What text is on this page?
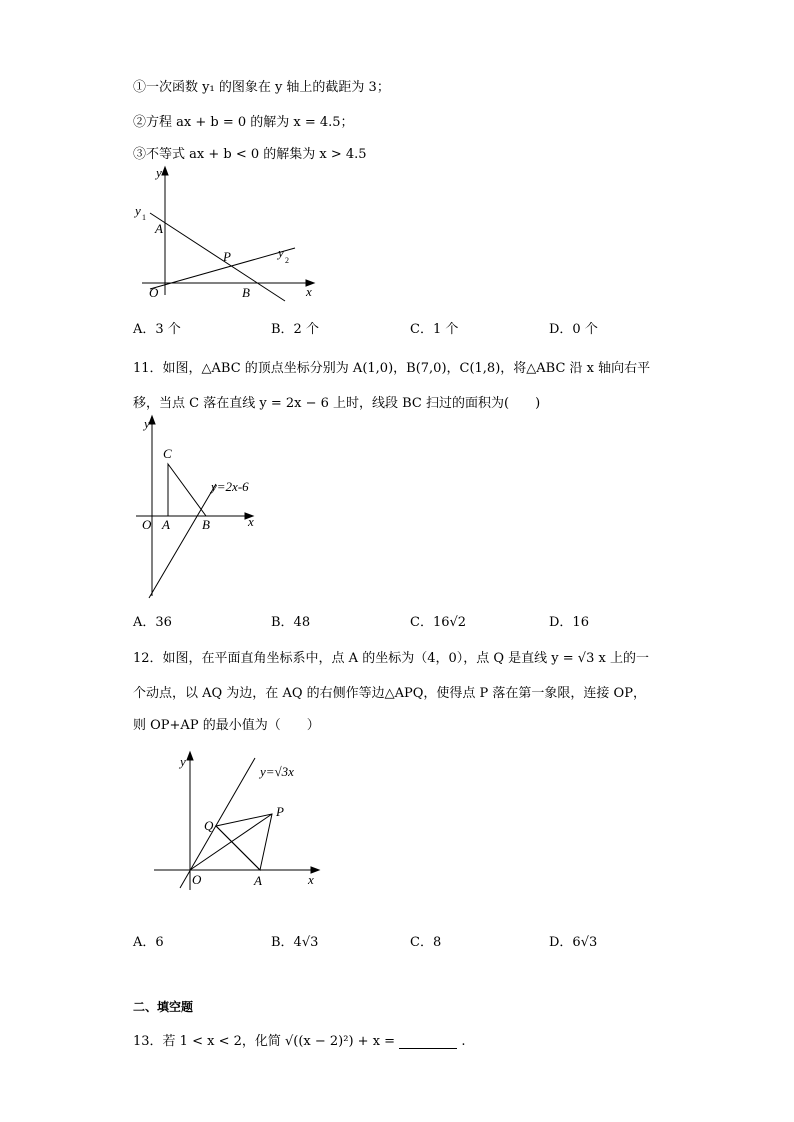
①一次函数 y₁ 的图象在 y 轴上的截距为 3；
②方程 ax + b = 0 的解为 x = 4.5；
③不等式 ax + b < 0 的解集为 x > 4.5
y
x
O
y 1
A
P	y
2
B
A．3 个	B．2 个	C．1 个	D．0 个
11．如图，△ABC 的顶点坐标分别为 A(1,0)，B(7,0)，C(1,8)，将△ABC 沿 x 轴向右平
移，当点 C 落在直线 y = 2x − 6 上时，线段 BC 扫过的面积为(　　)
y
x
O A B
C
y=2x-6
A．36	B．48	C．16√2	D．16
12．如图，在平面直角坐标系中，点 A 的坐标为（4，0），点 Q 是直线 y = √3 x 上的一
个动点，以 AQ 为边，在 AQ 的右侧作等边△APQ，使得点 P 落在第一象限，连接 OP，
则 OP+AP 的最小值为（　　）
y
x
O	A
P
Q
y=√3x
A．6	B．4√3	C．8	D．6√3
二、填空题
13．若 1 < x < 2，化简 √((x − 2)²) + x =	.
